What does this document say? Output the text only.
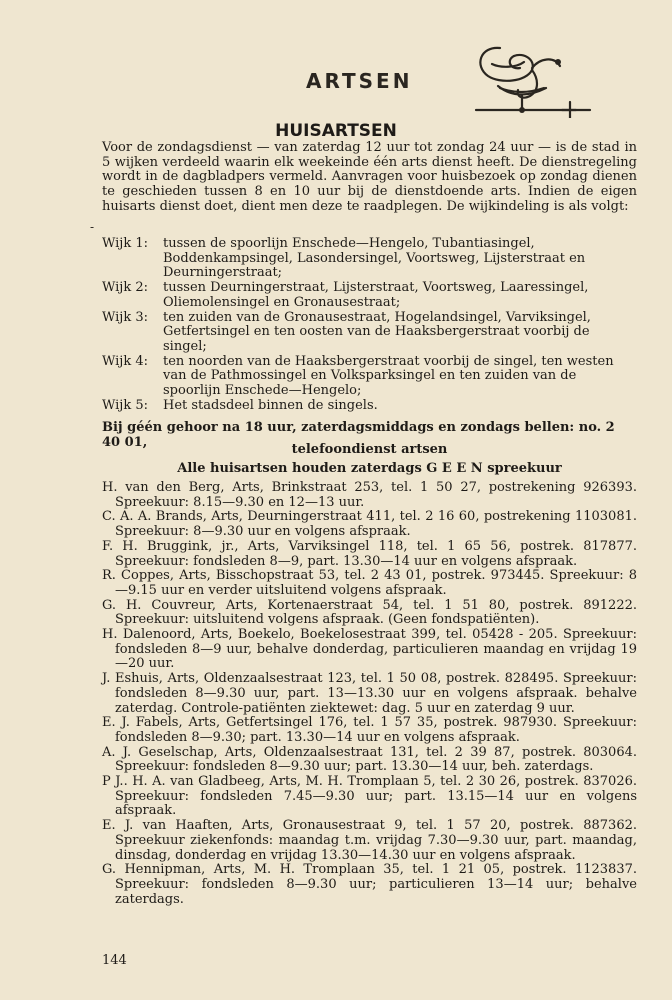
ARTSEN
HUISARTSEN
-
Voor de zondagsdienst — van zaterdag 12 uur tot zondag 24 uur — is de stad in 5 wijken verdeeld waarin elk weekeinde één arts dienst heeft. De dienstregeling wordt in de dagbladpers vermeld. Aanvragen voor huisbezoek op zondag dienen te geschieden tussen 8 en 10 uur bij de dienstdoende arts. Indien de eigen huisarts dienst doet, dient men deze te raadplegen. De wijkindeling is als volgt:
Wijk 1:	tussen de spoorlijn Enschede—Hengelo, Tubantiasingel, Boddenkampsingel, Lasondersingel, Voortsweg, Lijsterstraat en Deurningerstraat;
Wijk 2:	tussen Deurningerstraat, Lijsterstraat, Voortsweg, Laaressingel, Oliemolensingel en Gronausestraat;
Wijk 3:	ten zuiden van de Gronausestraat, Hogelandsingel, Varviksingel, Getfertsingel en ten oosten van de Haaksbergerstraat voorbij de singel;
Wijk 4:	ten noorden van de Haaksbergerstraat voorbij de singel, ten westen van de Pathmossingel en Volksparksingel en ten zuiden van de spoorlijn Enschede—Hengelo;
Wijk 5:	Het stadsdeel binnen de singels.
Bij géén gehoor na 18 uur, zaterdagsmiddags en zondags bellen: no. 2 40 01,	telefoondienst artsen
Alle huisartsen houden zaterdags G E E N spreekuur
H. van den Berg, Arts, Brinkstraat 253, tel. 1 50 27, postrekening 926393. Spreekuur: 8.15—9.30 en 12—13 uur.
C. A. A. Brands, Arts, Deurningerstraat 411, tel. 2 16 60, postrekening 1103081. Spreekuur: 8—9.30 uur en volgens afspraak.
F. H. Bruggink, jr., Arts, Varviksingel 118, tel. 1 65 56, postrek. 817877. Spreekuur: fondsleden 8—9, part. 13.30—14 uur en volgens afspraak.
R. Coppes, Arts, Bisschopstraat 53, tel. 2 43 01, postrek. 973445. Spreekuur: 8—9.15 uur en verder uitsluitend volgens afspraak.
G. H. Couvreur, Arts, Kortenaerstraat 54, tel. 1 51 80, postrek. 891222. Spreekuur: uitsluitend volgens afspraak. (Geen fondspatiënten).
H. Dalenoord, Arts, Boekelo, Boekelosestraat 399, tel. 05428 - 205. Spreekuur: fondsleden 8—9 uur, behalve donderdag, particulieren maandag en vrijdag 19—20 uur.
J. Eshuis, Arts, Oldenzaalsestraat 123, tel. 1 50 08, postrek. 828495. Spreekuur: fondsleden 8—9.30 uur, part. 13—13.30 uur en volgens afspraak. behalve zaterdag. Controle-patiënten ziektewet: dag. 5 uur en zaterdag 9 uur.
E. J. Fabels, Arts, Getfertsingel 176, tel. 1 57 35, postrek. 987930. Spreekuur: fondsleden 8—9.30; part. 13.30—14 uur en volgens afspraak.
A. J. Geselschap, Arts, Oldenzaalsestraat 131, tel. 2 39 87, postrek. 803064. Spreekuur: fondsleden 8—9.30 uur; part. 13.30—14 uur, beh. zaterdags.
P J.. H. A. van Gladbeeg, Arts, M. H. Tromplaan 5, tel. 2 30 26, postrek. 837026. Spreekuur: fondsleden 7.45—9.30 uur; part. 13.15—14 uur en volgens afspraak.
E. J. van Haaften, Arts, Gronausestraat 9, tel. 1 57 20, postrek. 887362. Spreekuur ziekenfonds: maandag t.m. vrijdag 7.30—9.30 uur, part. maandag, dinsdag, donderdag en vrijdag 13.30—14.30 uur en volgens afspraak.
G. Hennipman, Arts, M. H. Tromplaan 35, tel. 1 21 05, postrek. 1123837. Spreekuur: fondsleden 8—9.30 uur; particulieren 13—14 uur; behalve zaterdags.
144
